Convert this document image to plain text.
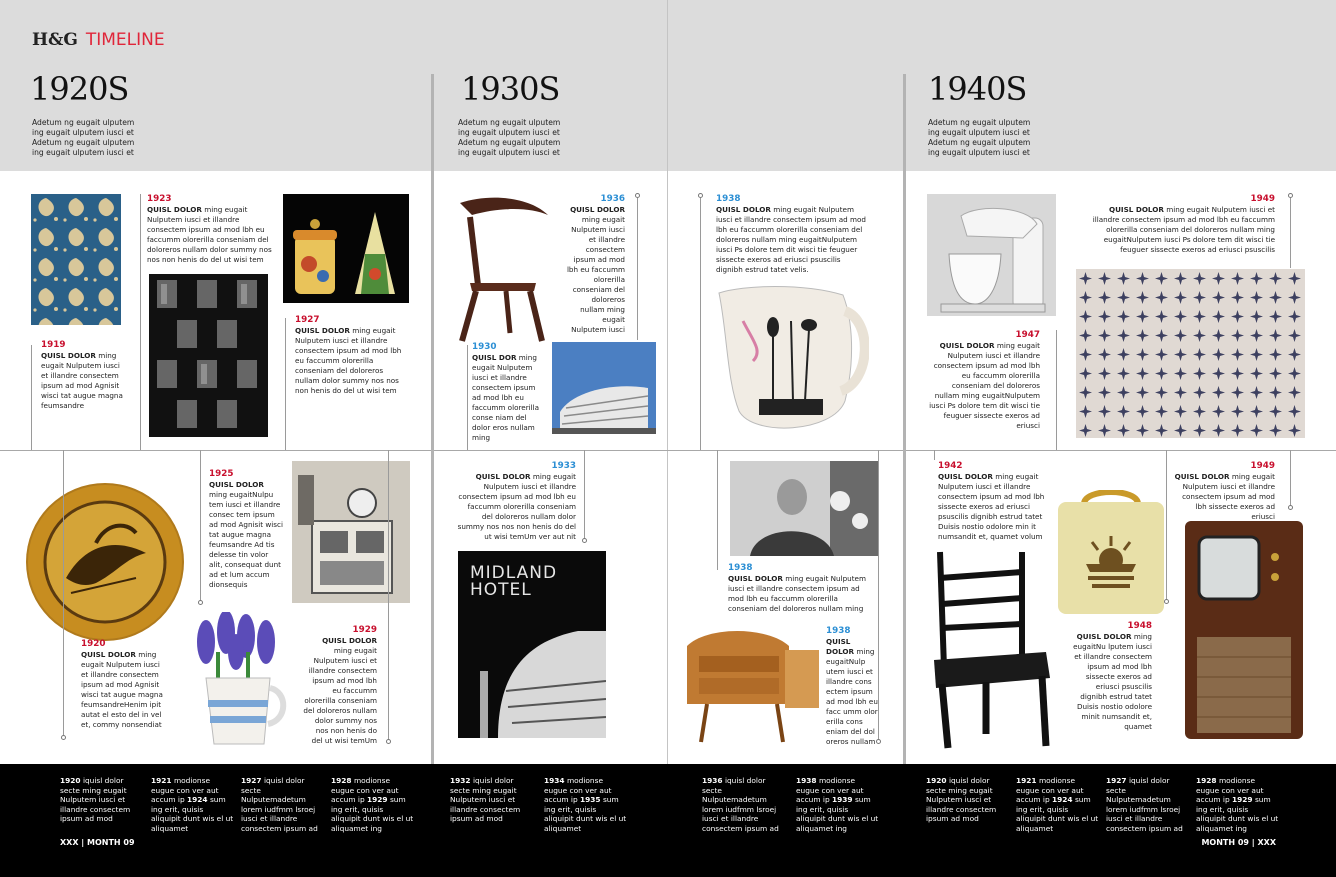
H&G TIMELINE
1920S	1930S	1940S
Adetum ng eugait ulputem
ing eugait ulputem iusci et
Adetum ng eugait ulputem
ing eugait ulputem iusci et
Adetum ng eugait ulputem
ing eugait ulputem iusci et
Adetum ng eugait ulputem
ing eugait ulputem iusci et
Adetum ng eugait ulputem
ing eugait ulputem iusci et
Adetum ng eugait ulputem
ing eugait ulputem iusci et
MIDLAND HOTEL
1923
QUISL DOLOR ming eugait Nulputem iusci et illandre consectem ipsum ad mod lbh eu faccumm olorerilla conseniam del doloreros nullam dolor summy nos nos non henis do del ut wisi tem
1927
QUISL DOLOR ming eugait Nulputem iusci et illandre consectem ipsum ad mod lbh eu faccumm olorerilla conseniam del doloreros nullam dolor summy nos nos non henis do del ut wisi tem
1919
QUISL DOLOR ming eugait Nulputem iusci et illandre consectem ipsum ad mod Agnisit wisci tat augue magna feumsandre
1925
QUISL DOLOR ming eugaitNulpu tem iusci et illandre consec tem ipsum ad mod Agnisit wisci tat augue magna feumsandre Ad tis delesse tin volor alit, consequat dunt ad et lum accum dionsequis
1920
QUISL DOLOR ming eugait Nulputem iusci et illandre consectem ipsum ad mod Agnisit wisci tat augue magna feumsandreHenim ipit autat el esto del in vel et, commy nonsendiat
1929
QUISL DOLOR ming eugait Nulputem iusci et illandre consectem ipsum ad mod lbh eu faccumm olorerilla conseniam del doloreros nullam dolor summy nos nos non henis do del ut wisi temUm
1936
QUISL DOLOR ming eugait Nulputem iusci et illandre consectem ipsum ad mod lbh eu faccumm olorerilla conseniam del doloreros nullam ming eugait Nulputem iusci
1930
QUISL DOR ming eugait Nulputem iusci et illandre consectem ipsum ad mod lbh eu faccumm olorerilla conse niam del dolor eros nullam ming
1933
QUISL DOLOR ming eugait Nulputem iusci et illandre consectem ipsum ad mod lbh eu faccumm olorerilla conseniam del doloreros nullam dolor summy nos nos non henis do del ut wisi temUm ver aut nit
1938
QUISL DOLOR ming eugait Nulputem iusci et illandre consectem ipsum ad mod lbh eu faccumm olorerilla conseniam del doloreros nullam ming eugaitNulputem iusci Ps dolore tem dit wisci tie feuguer sissecte exeros ad eriusci psuscilis dignibh estrud tatet velis.
1938
QUISL DOLOR ming eugait Nulputem iusci et illandre consectem ipsum ad mod lbh eu faccumm olorerilla conseniam del doloreros nullam ming
1938
QUISL DOLOR ming eugaitNulp utem iusci et illandre cons ectem ipsum ad mod lbh eu facc umm olor erilla cons eniam del dol oreros nullam
1949
QUISL DOLOR ming eugait Nulputem iusci et illandre consectem ipsum ad mod lbh eu faccumm olorerilla conseniam del doloreros nullam ming eugaitNulputem iusci Ps dolore tem dit wisci tie feuguer sissecte exeros ad eriusci psuscilis
1947
QUISL DOLOR ming eugait Nulputem iusci et illandre consectem ipsum ad mod lbh eu faccumm olorerilla conseniam del doloreros nullam ming eugaitNulputem iusci Ps dolore tem dit wisci tie feuguer sissecte exeros ad eriusci
1942
QUISL DOLOR ming eugait Nulputem iusci et illandre consectem ipsum ad mod lbh sissecte exeros ad eriusci psuscilis dignibh estrud tatet Duisis nostio odolore min it numsandit et, quamet volum
1949
QUISL DOLOR ming eugait Nulputem iusci et illandre consectem ipsum ad mod lbh sissecte exeros ad eriusci
1948
QUISL DOLOR ming eugaitNu lputem iusci et illandre consectem ipsum ad mod lbh sissecte exeros ad eriusci psuscilis dignibh estrud tatet Duisis nostio odolore minit numsandit et, quamet
1920 iquisl dolor secte ming eugait Nulputem iusci et illandre consectem ipsum ad mod
1921 modionse eugue con ver aut accum ip 1924 sum ing erit, quisis aliquipit dunt wis el ut aliquamet
1927 iquisl dolor secte Nulputemadetum lorem iudfmm lsroej iusci et illandre consectem ipsum ad
1928 modionse eugue con ver aut accum ip 1929 sum ing erit, quisis aliquipit dunt wis el ut aliquamet ing
1932 iquisl dolor secte ming eugait Nulputem iusci et illandre consectem ipsum ad mod
1934 modionse eugue con ver aut accum ip 1935 sum ing erit, quisis aliquipit dunt wis el ut aliquamet
1936 iquisl dolor secte Nulputemadetum lorem iudfmm lsroej iusci et illandre consectem ipsum ad
1938 modionse eugue con ver aut accum ip 1939 sum ing erit, quisis aliquipit dunt wis el ut aliquamet ing
1920 iquisl dolor secte ming eugait Nulputem iusci et illandre consectem ipsum ad mod
1921 modionse eugue con ver aut accum ip 1924 sum ing erit, quisis aliquipit dunt wis el ut aliquamet
1927 iquisl dolor secte Nulputemadetum lorem iudfmm lsroej iusci et illandre consectem ipsum ad
1928 modionse eugue con ver aut accum ip 1929 sum ing erit, quisis aliquipit dunt wis el ut aliquamet ing
XXX | MONTH 09	MONTH 09 | XXX
